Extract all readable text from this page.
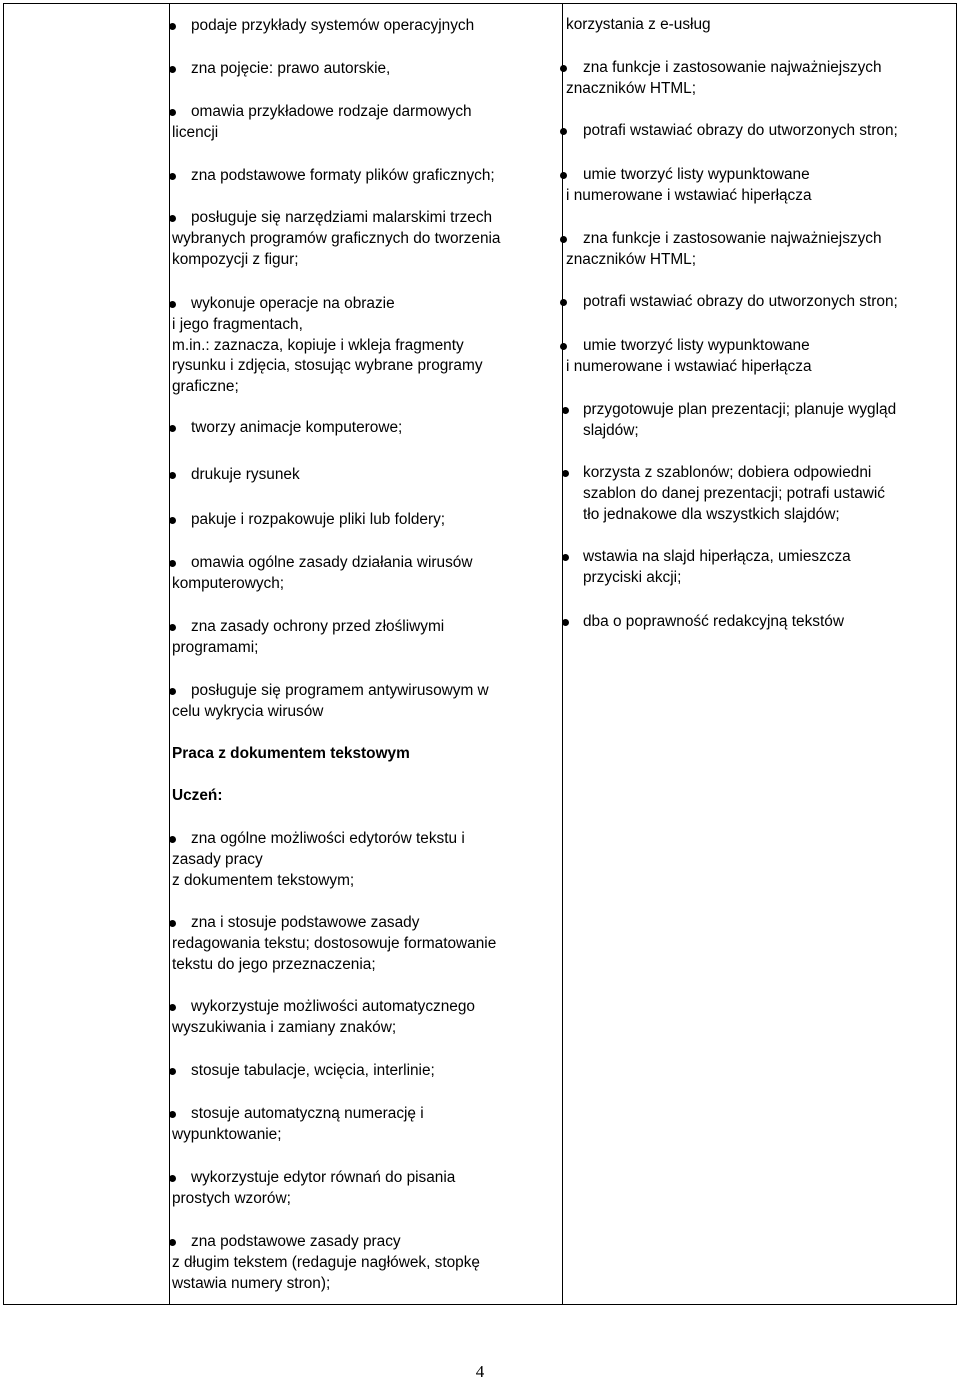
podaje przykłady systemów operacyjnych
zna pojęcie: prawo autorskie,
omawia przykładowe rodzaje darmowych
licencji
zna podstawowe formaty plików graficznych;
posługuje się narzędziami malarskimi trzech
wybranych programów graficznych do tworzenia
kompozycji z figur;
wykonuje operacje na obrazie
i jego fragmentach,
m.in.: zaznacza, kopiuje i wkleja fragmenty
rysunku i zdjęcia, stosując wybrane programy
graficzne;
tworzy animacje komputerowe;
drukuje rysunek
pakuje i rozpakowuje pliki lub foldery;
omawia ogólne zasady działania wirusów
komputerowych;
zna zasady ochrony przed złośliwymi
programami;
posługuje się programem antywirusowym w
celu wykrycia wirusów
Praca z dokumentem tekstowym
Uczeń:
zna ogólne możliwości edytorów tekstu i
zasady pracy
z dokumentem tekstowym;
zna i stosuje podstawowe zasady
redagowania tekstu; dostosowuje formatowanie
tekstu do jego przeznaczenia;
wykorzystuje możliwości automatycznego
wyszukiwania i zamiany znaków;
stosuje tabulacje, wcięcia, interlinie;
stosuje automatyczną numerację i
wypunktowanie;
wykorzystuje edytor równań do pisania
prostych wzorów;
zna podstawowe zasady pracy
z długim tekstem (redaguje nagłówek, stopkę
wstawia numery stron);
korzystania z e-usług
zna funkcje i zastosowanie najważniejszych
znaczników HTML;
potrafi wstawiać obrazy do utworzonych stron;
umie tworzyć listy wypunktowane
i numerowane i wstawiać hiperłącza
zna funkcje i zastosowanie najważniejszych
znaczników HTML;
potrafi wstawiać obrazy do utworzonych stron;
umie tworzyć listy wypunktowane
i numerowane i wstawiać hiperłącza
przygotowuje plan prezentacji; planuje wygląd
slajdów;
korzysta z szablonów; dobiera odpowiedni
szablon do danej prezentacji; potrafi ustawić
tło jednakowe dla wszystkich slajdów;
wstawia na slajd hiperłącza, umieszcza
przyciski akcji;
dba o poprawność redakcyjną tekstów
4
